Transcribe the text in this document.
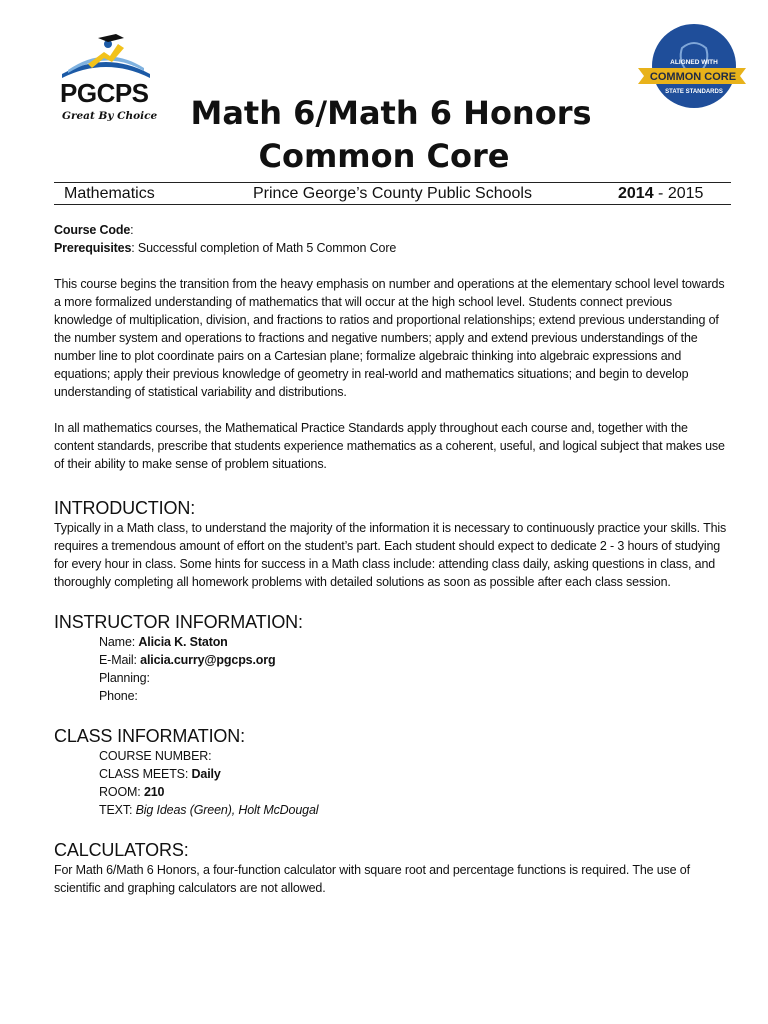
PGCPS
Great By Choice
ALIGNED WITH
COMMON CORE
STATE STANDARDS
Math 6/Math 6 Honors
Common Core
Mathematics	Prince George’s County Public Schools	2014 - 2015

Course Code:

Prerequisites: Successful completion of Math 5 Common Core

This course begins the transition from the heavy emphasis on number and operations at the elementary school level towards a more formalized understanding of mathematics that will occur at the high school level. Students connect previous knowledge of multiplication, division, and fractions to ratios and proportional relationships; extend previous understanding of the number system and operations to fractions and negative numbers; apply and extend previous understandings of the number line to plot coordinate pairs on a Cartesian plane; formalize algebraic thinking into algebraic expressions and equations; apply their previous knowledge of geometry in real-world and mathematics situations; and begin to develop understanding of statistical variability and distributions.

In all mathematics courses, the Mathematical Practice Standards apply throughout each course and, together with the content standards, prescribe that students experience mathematics as a coherent, useful, and logical subject that makes use of their ability to make sense of problem situations.

INTRODUCTION:

Typically in a Math class, to understand the majority of the information it is necessary to continuously practice your skills. This requires a tremendous amount of effort on the student’s part. Each student should expect to dedicate 2 - 3 hours of studying for every hour in class. Some hints for success in a Math class include: attending class daily, asking questions in class, and thoroughly completing all homework problems with detailed solutions as soon as possible after each class session.

INSTRUCTOR INFORMATION:

Name: Alicia K. Staton

E-Mail: alicia.curry@pgcps.org

Planning:

Phone:

CLASS INFORMATION:

COURSE NUMBER:

CLASS MEETS: Daily

ROOM: 210

TEXT: Big Ideas (Green), Holt McDougal

CALCULATORS:

For Math 6/Math 6 Honors, a four-function calculator with square root and percentage functions is required. The use of scientific and graphing calculators are not allowed.
